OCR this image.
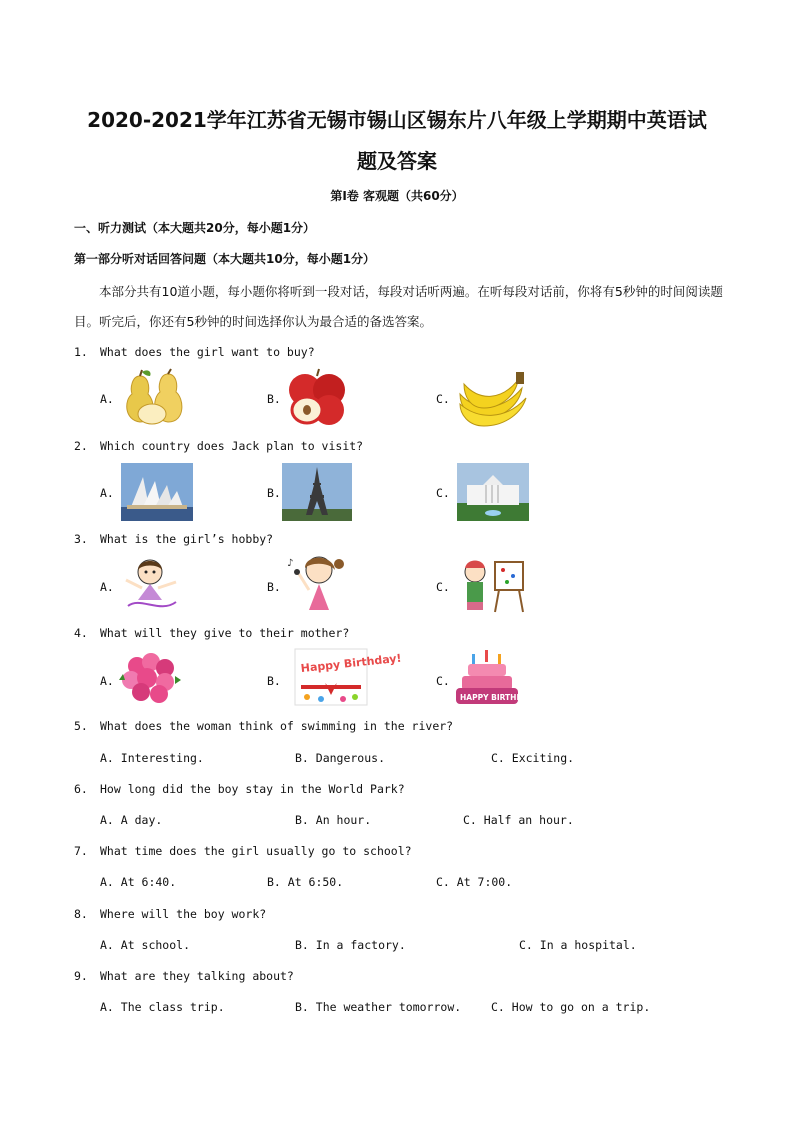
2020-2021学年江苏省无锡市锡山区锡东片八年级上学期期中英语试
题及答案
第Ⅰ卷 客观题（共60分）
一、听力测试（本大题共20分，每小题1分）
第一部分听对话回答问题（本大题共10分，每小题1分）
本部分共有10道小题，每小题你将听到一段对话，每段对话听两遍。在听每段对话前，你将有5秒钟的时间阅读题目。听完后，你还有5秒钟的时间选择你认为最合适的备选答案。
1. What does the girl want to buy?
A.	B.	C.
2. Which country does Jack plan to visit?
A.	B.	C.
3. What is the girl’s hobby?
A.	B.	C.
♪
4. What will they give to their mother?
A.	B.	C.
Happy Birthday!
HAPPY BIRTHDAY
5. What does the woman think of swimming in the river?
A. Interesting.	B. Dangerous.	C. Exciting.
6. How long did the boy stay in the World Park?
A. A day.	B. An hour.	C. Half an hour.
7. What time does the girl usually go to school?
A. At 6:40.	B. At 6:50.	C. At 7:00.
8. Where will the boy work?
A. At school.	B. In a factory.	C. In a hospital.
9. What are they talking about?
A. The class trip.	B. The weather tomorrow.	C. How to go on a trip.
